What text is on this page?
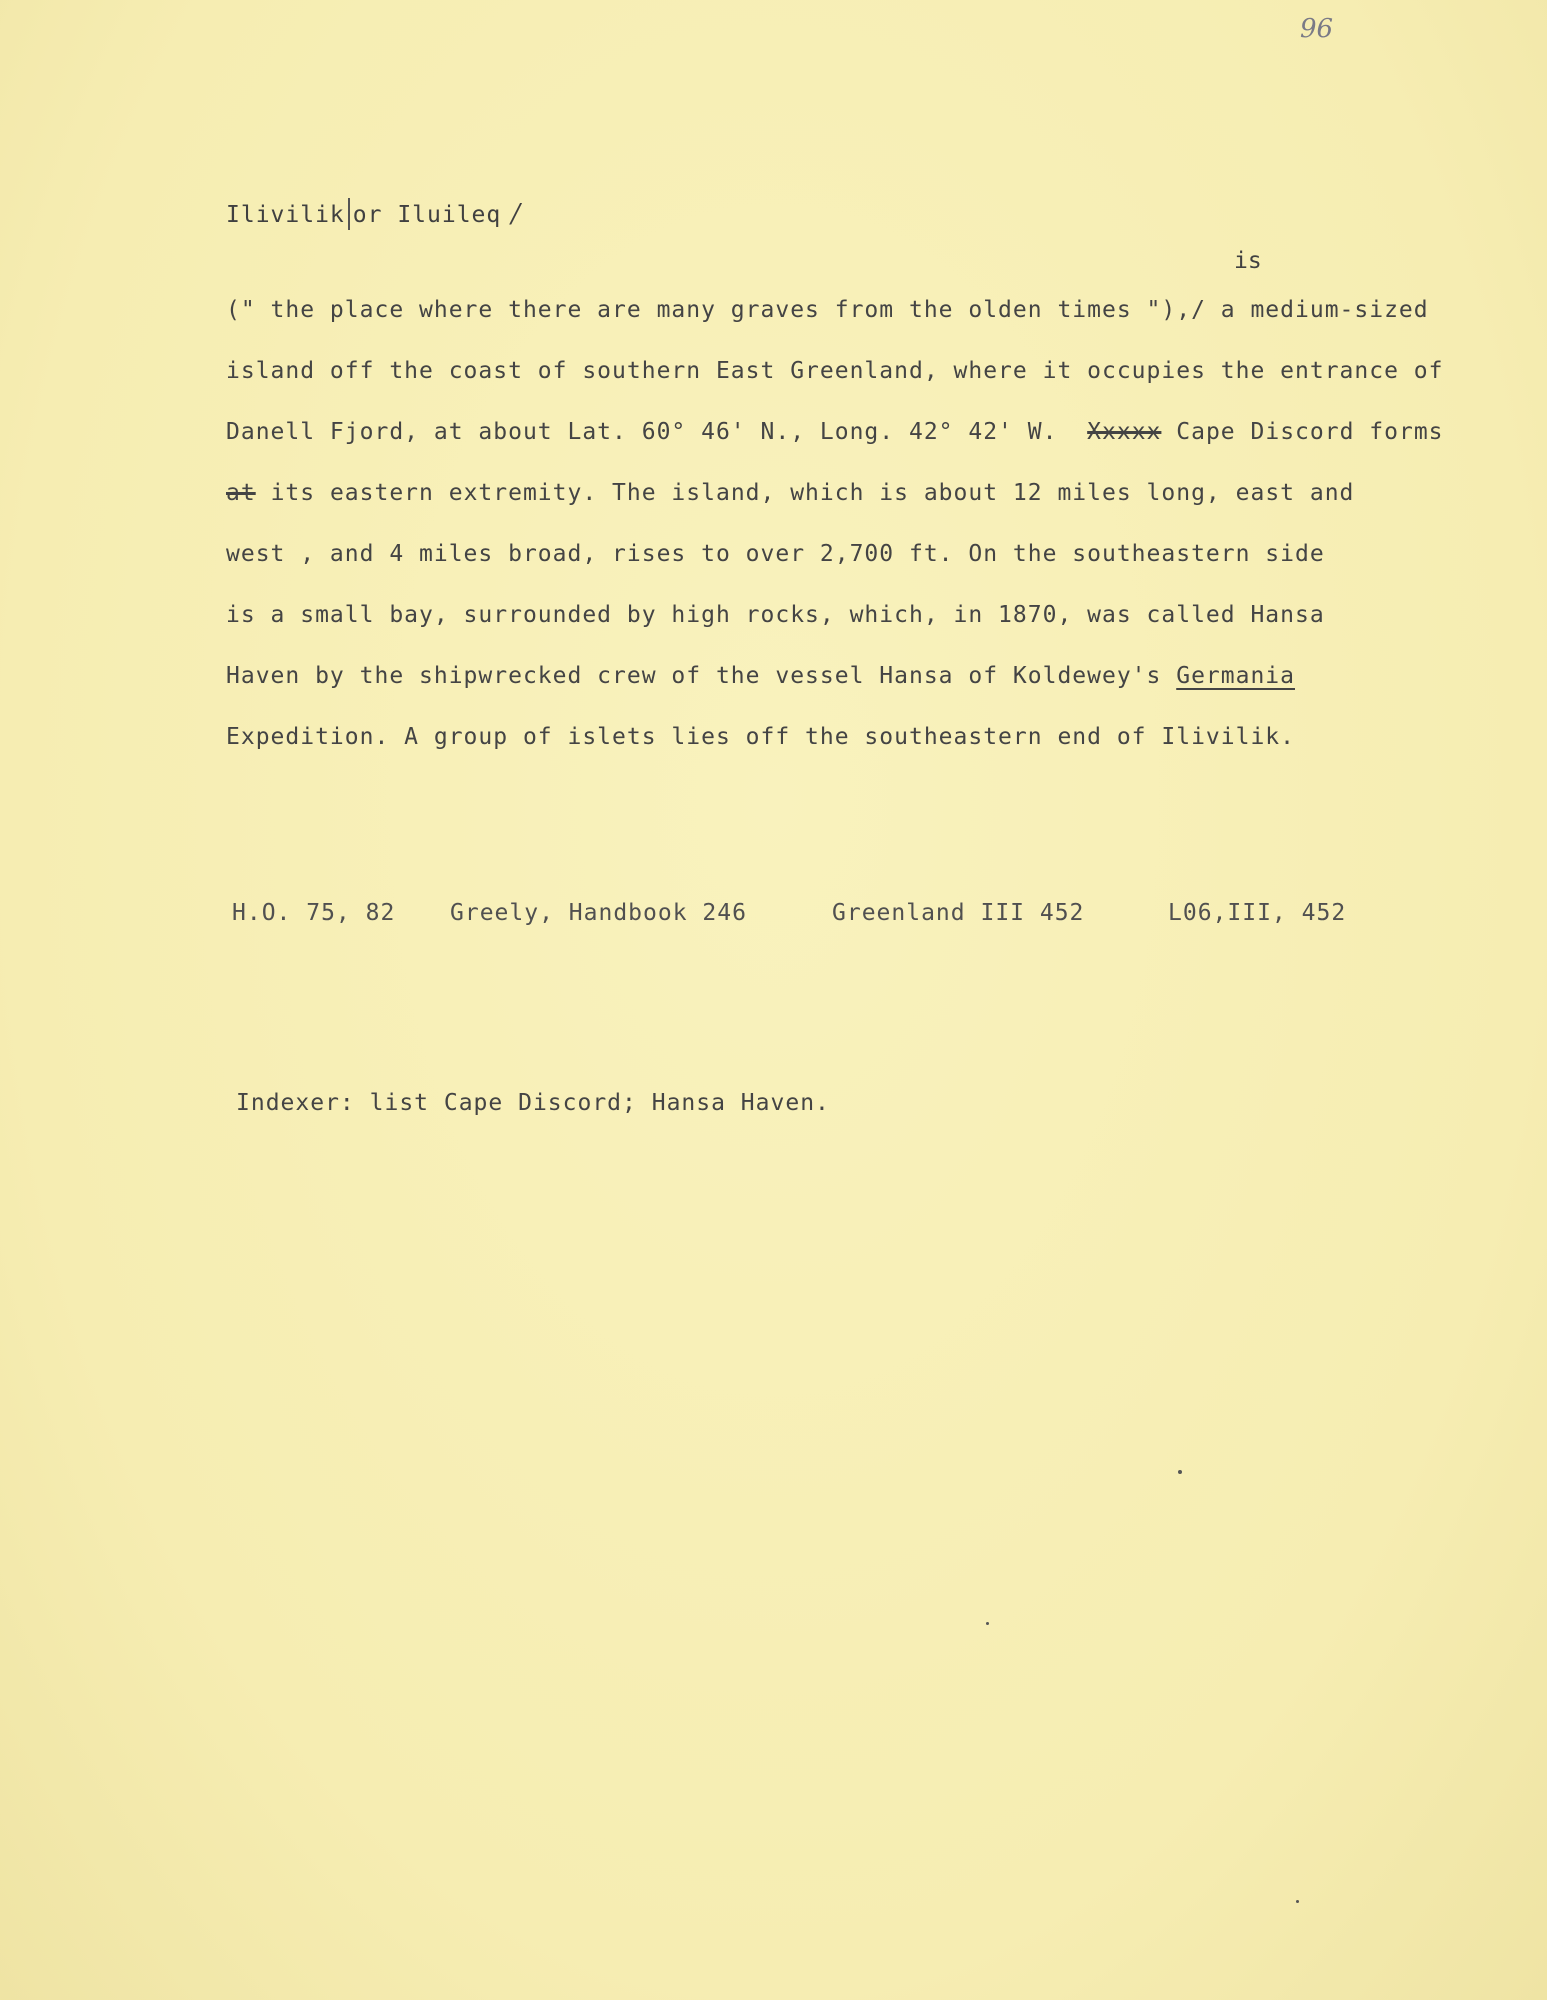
96
Ilivilik or Iluileq /
is
(" the place where there are many graves from the olden times "),/ a medium-sized
island off the coast of southern East Greenland, where it occupies the entrance of
Danell Fjord, at about Lat. 60° 46' N., Long. 42° 42' W. Xxxxx Cape Discord forms
at its eastern extremity. The island, which is about 12 miles long, east and
west , and 4 miles broad, rises to over 2,700 ft. On the southeastern side
is a small bay, surrounded by high rocks, which, in 1870, was called Hansa
Haven by the shipwrecked crew of the vessel Hansa of Koldewey's Germania
Expedition. A group of islets lies off the southeastern end of Ilivilik.
H.O. 75, 82 Greely, Handbook 246	Greenland III 452	L06,III, 452
Indexer: list Cape Discord; Hansa Haven.
